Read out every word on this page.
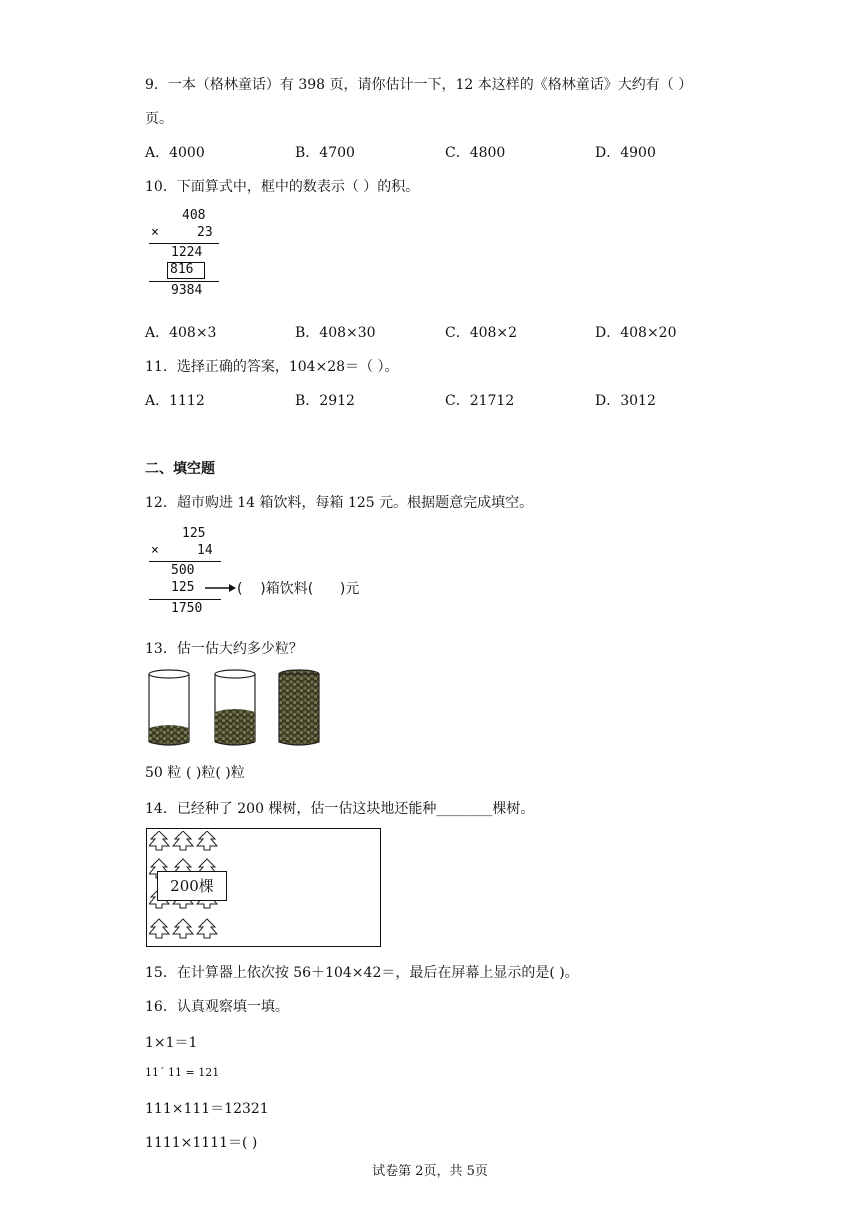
9．一本（格林童话）有 398 页，请你估计一下，12 本这样的《格林童话》大约有（ ）
页。
A．4000	B．4700	C．4800	D．4900
10．下面算式中，框中的数表示（ ）的积。
408
×	23
1224
816
9384
A．408×3	B．408×30	C．408×2	D．408×20
11．选择正确的答案，104×28＝（ ）。
A．1112	B．2912	C．21712	D．3012
二、填空题
12．超市购进 14 箱饮料，每箱 125 元。根据题意完成填空。
125
×	14
500
125	(    )箱饮料(      )元
1750
13．估一估大约多少粒？
50 粒 ( )粒( )粒
14．已经种了 200 棵树，估一估这块地还能种________棵树。
200棵
15．在计算器上依次按 56＋104×42＝，最后在屏幕上显示的是( )。
16．认真观察填一填。
1×1＝1
11´ 11 = 121
111×111＝12321
1111×1111＝( )
试卷第 2页，共 5页
